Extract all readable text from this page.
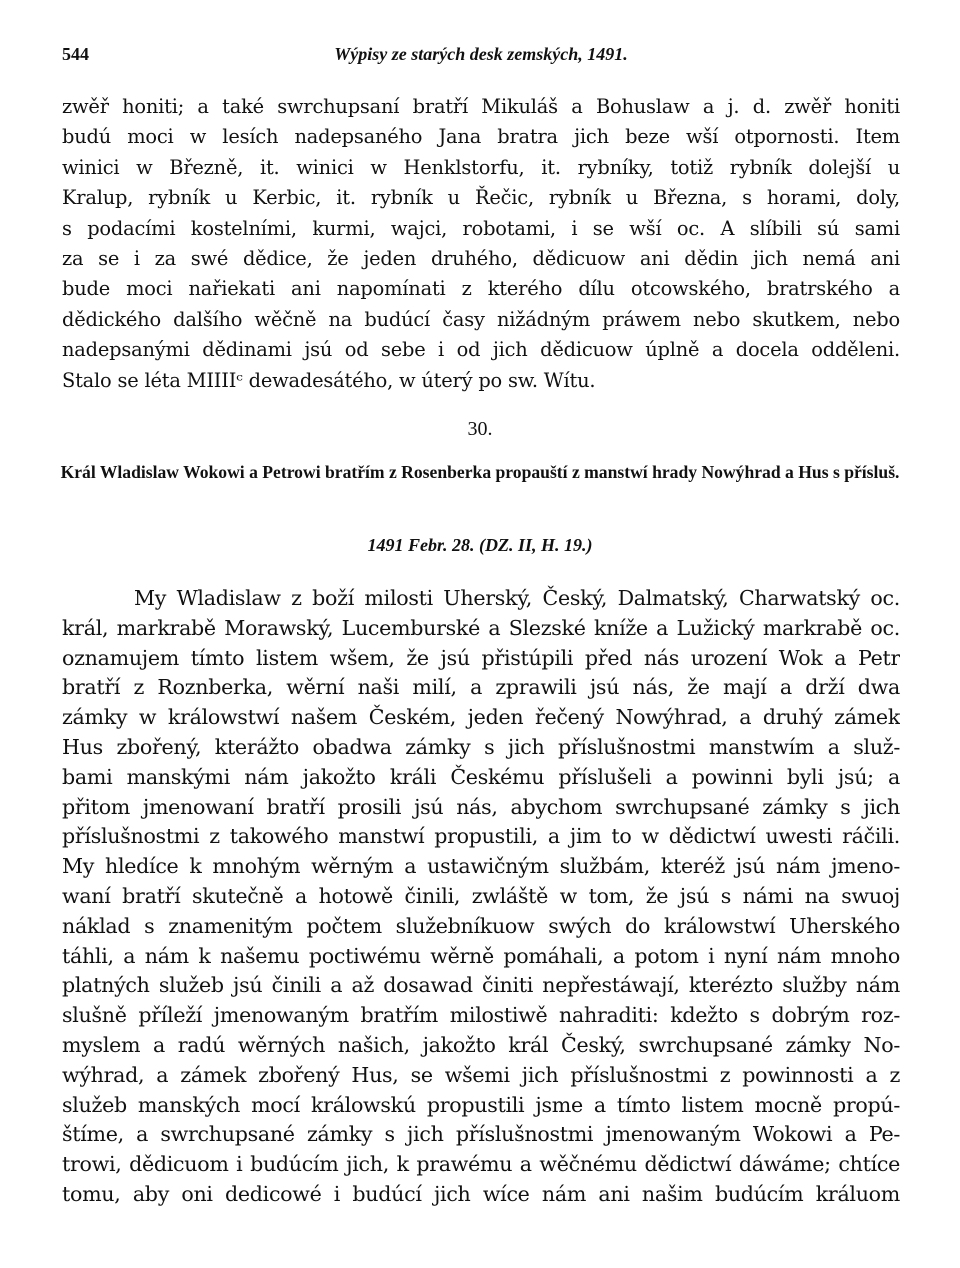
544	Wýpisy ze starých desk zemských, 1491.
zwěř honiti; a také swrchupsaní bratří Mikuláš a Bohuslaw a j. d. zwěř honiti
budú moci w lesích nadepsaného Jana bratra jich beze wší otpornosti. Item
winici w Březně, it. winici w Henklstorfu, it. rybníky, totiž rybník dolejší u
Kralup, rybník u Kerbic, it. rybník u Řečic, rybník u Března, s horami, doly,
s podacími kostelními, kurmi, wajci, robotami, i se wší oc. A slíbili sú sami
za se i za swé dědice, že jeden druhého, dědicuow ani dědin jich nemá ani
bude moci nařiekati ani napomínati z kterého dílu otcowského, bratrského a
dědického dalšího wěčně na budúcí časy nižádným práwem nebo skutkem, nebo
nadepsanými dědinami jsú od sebe i od jich dědicuow úplně a docela odděleni.
Stalo se léta MIIIIᶜ dewadesátého, w úterý po sw. Wítu.
30.
Král Wladislaw Wokowi a Petrowi bratřím z Rosenberka propauští z manstwí hrady Nowýhrad a Hus s přísluš.
1491 Febr. 28. (DZ. II, H. 19.)
My Wladislaw z boží milosti Uherský, Český, Dalmatský, Charwatský oc.
král, markrabě Morawský, Lucemburské a Slezské kníže a Lužický markrabě oc.
oznamujem tímto listem wšem, že jsú přistúpili před nás urození Wok a Petr
bratří z Roznberka, wěrní naši milí, a zprawili jsú nás, že mají a drží dwa
zámky w králowstwí našem Českém, jeden řečený Nowýhrad, a druhý zámek
Hus zbořený, kterážto obadwa zámky s jich příslušnostmi manstwím a služ-
bami manskými nám jakožto králi Českému příslušeli a powinni byli jsú; a
přitom jmenowaní bratří prosili jsú nás, abychom swrchupsané zámky s jich
příslušnostmi z takowého manstwí propustili, a jim to w dědictwí uwesti ráčili.
My hledíce k mnohým wěrným a ustawičným službám, kteréž jsú nám jmeno-
waní bratří skutečně a hotowě činili, zwláště w tom, že jsú s námi na swuoj
náklad s znamenitým počtem služebníkuow swých do králowstwí Uherského
táhli, a nám k našemu poctiwému wěrně pomáhali, a potom i nyní nám mnoho
platných služeb jsú činili a až dosawad činiti nepřestáwají, kterézto služby nám
slušně příleží jmenowaným bratřím milostiwě nahraditi: kdežto s dobrým roz-
myslem a radú wěrných našich, jakožto král Český, swrchupsané zámky No-
wýhrad, a zámek zbořený Hus, se wšemi jich příslušnostmi z powinnosti a z
služeb manských mocí králowskú propustili jsme a tímto listem mocně propú-
štíme, a swrchupsané zámky s jich příslušnostmi jmenowaným Wokowi a Pe-
trowi, dědicuom i budúcím jich, k prawému a wěčnému dědictwí dáwáme; chtíce
tomu, aby oni dedicowé i budúcí jich wíce nám ani našim budúcím králuom
